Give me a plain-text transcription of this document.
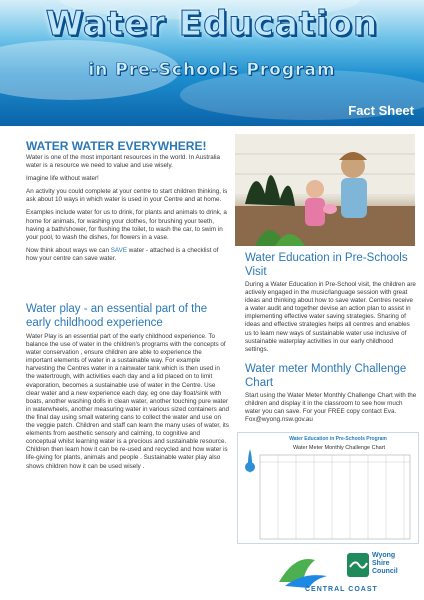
Water Education
in Pre-Schools Program
Fact Sheet
WATER WATER EVERYWHERE!

Water is one of the most important resources in the world. In Australia water is a resource we need to value and use wisely.

Imagine life without water!

An activity you could complete at your centre to start children thinking, is ask about 10 ways in which water is used in your Centre and at home.

Examples include water for us to drink, for plants and animals to drink, a home for animals, for washing your clothes, for brushing your teeth, having a bath/shower, for flushing the toilet, to wash the car, to swim in your pool, to wash the dishes, for flowers in a vase.

Now think about ways we can SAVE water - attached is a checklist of how your centre can save water.

Water play - an essential part of the early childhood experience

Water Play is an essential part of the early childhood experience. To balance the use of water in the children's programs with the concepts of water conservation , ensure children are able to experience the important elements of water in a sustainable way. For example harvesting the Centres water in a rainwater tank which is then used in the watertrough, with activities each day and a lid placed on to limit evaporation, becomes a sustainable use of water in the Centre. Use clear water and a new experience each day, eg one day float/sink with boats, another washing dolls in clean water, another touching pure water in waterwheels, another measuring water in various sized containers and the final day using small watering cans to collect the water and use on the veggie patch. Children and staff can learn the many uses of water, its elements from aesthetic sensory and calming, to cognitive and conceptual whilst learning water is a precious and sustainable resource. Children then learn how it can be re-used and recycled and how water is life-giving for plants, animals and people . Sustainable water play also shows children how it can be used wisely .

Water Education in Pre-Schools Visit

During a Water Education in Pre-School visit, the children are actively engaged in the music/language session with great ideas and thinking about how to save water. Centres receive a water audit and together devise an action plan to assist in implementing effective water saving strategies. Sharing of ideas and effective strategies helps all centres and enables us to learn new ways of sustainable water use inclusive of sustainable waterplay activities in our early childhood settings.

Water meter Monthly Challenge Chart

Start using the Water Meter Monthly Challenge Chart with the children and display it in the classroom to see how much water you can save. For your FREE copy contact Eva. Fox@wyong.nsw.gov.au

Water Education in Pre-Schools Program
Water Meter Monthly Challenge Chart
Wyong
Shire
Council
CENTRAL COAST
